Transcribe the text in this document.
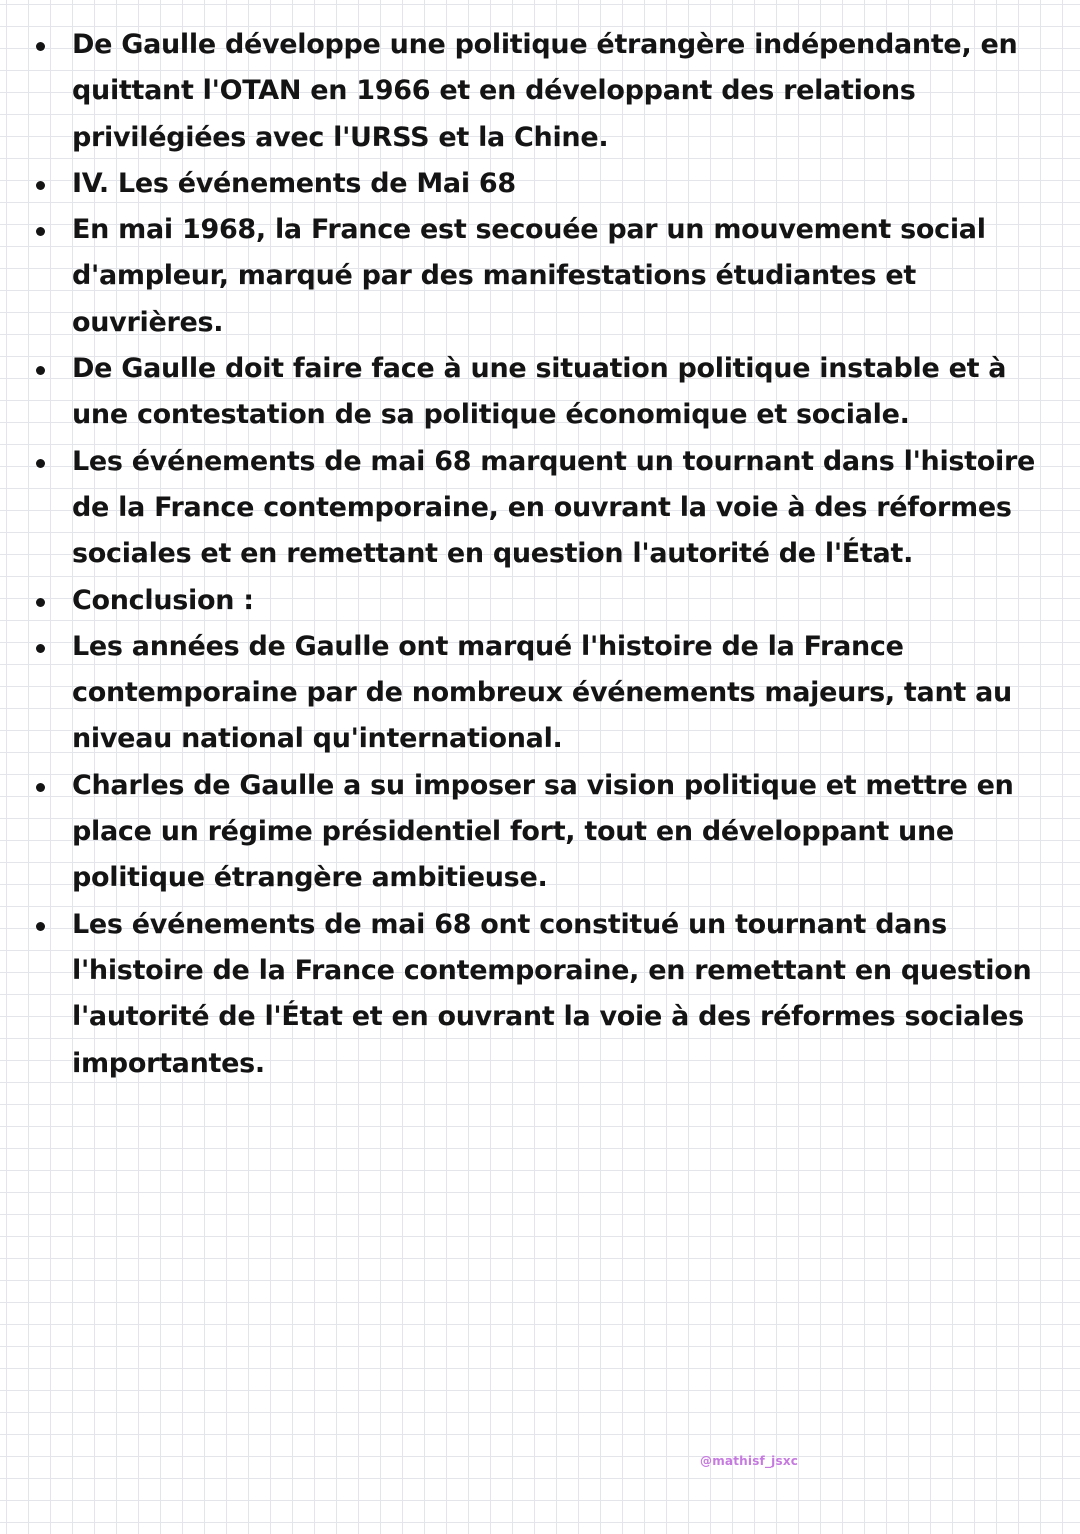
De Gaulle développe une politique étrangère indépendante, en quittant l'OTAN en 1966 et en développant des relations privilégiées avec l'URSS et la Chine.
IV. Les événements de Mai 68
En mai 1968, la France est secouée par un mouvement social d'ampleur, marqué par des manifestations étudiantes et ouvrières.
De Gaulle doit faire face à une situation politique instable et à une contestation de sa politique économique et sociale.
Les événements de mai 68 marquent un tournant dans l'histoire de la France contemporaine, en ouvrant la voie à des réformes sociales et en remettant en question l'autorité de l'État.
Conclusion :
Les années de Gaulle ont marqué l'histoire de la France contemporaine par de nombreux événements majeurs, tant au niveau national qu'international.
Charles de Gaulle a su imposer sa vision politique et mettre en place un régime présidentiel fort, tout en développant une politique étrangère ambitieuse.
Les événements de mai 68 ont constitué un tournant dans l'histoire de la France contemporaine, en remettant en question l'autorité de l'État et en ouvrant la voie à des réformes sociales importantes.
@mathisf_jsxc
